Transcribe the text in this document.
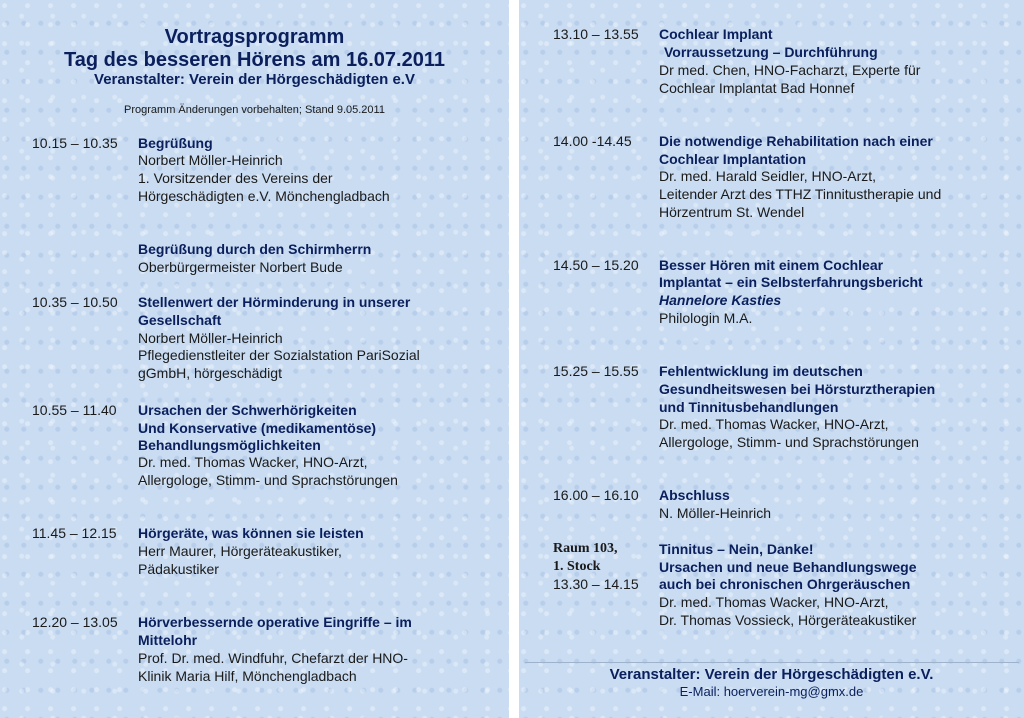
Vortragsprogramm
Tag des besseren Hörens am 16.07.2011
Veranstalter: Verein der Hörgeschädigten e.V
Programm Änderungen vorbehalten; Stand 9.05.2011
10.15 – 10.35 Begrüßung
Norbert Möller-Heinrich
1. Vorsitzender des Vereins der
Hörgeschädigten e.V. Mönchengladbach
Begrüßung durch den Schirmherrn
Oberbürgermeister Norbert Bude
10.35 – 10.50 Stellenwert der Hörminderung in unserer
Gesellschaft
Norbert Möller-Heinrich
Pflegedienstleiter der Sozialstation PariSozial
gGmbH, hörgeschädigt
10.55 – 11.40 Ursachen der Schwerhörigkeiten
Und Konservative (medikamentöse)
Behandlungsmöglichkeiten
Dr. med. Thomas Wacker, HNO-Arzt,
Allergologe, Stimm- und Sprachstörungen
11.45 – 12.15 Hörgeräte, was können sie leisten
Herr Maurer, Hörgeräteakustiker,
Pädakustiker
12.20 – 13.05 Hörverbessernde operative Eingriffe – im
Mittelohr
Prof. Dr. med. Windfuhr, Chefarzt der HNO-
Klinik Maria Hilf, Mönchengladbach
13.10 – 13.55 Cochlear Implant
Vorraussetzung – Durchführung
Dr med. Chen, HNO-Facharzt, Experte für
Cochlear Implantat Bad Honnef
14.00 -14.45 Die notwendige Rehabilitation nach einer
Cochlear Implantation
Dr. med. Harald Seidler, HNO-Arzt,
Leitender Arzt des TTHZ Tinnitustherapie und
Hörzentrum St. Wendel
14.50 – 15.20 Besser Hören mit einem Cochlear
Implantat – ein Selbsterfahrungsbericht
Hannelore Kasties
Philologin M.A.
15.25 – 15.55 Fehlentwicklung im deutschen
Gesundheitswesen bei Hörsturztherapien
und Tinnitusbehandlungen
Dr. med. Thomas Wacker, HNO-Arzt,
Allergologe, Stimm- und Sprachstörungen
16.00 – 16.10 Abschluss
N. Möller-Heinrich
Raum 103,
1. Stock
13.30 – 14.15
Tinnitus – Nein, Danke!
Ursachen und neue Behandlungswege
auch bei chronischen Ohrgeräuschen
Dr. med. Thomas Wacker, HNO-Arzt,
Dr. Thomas Vossieck, Hörgeräteakustiker
Veranstalter: Verein der Hörgeschädigten e.V.
E-Mail: hoerverein-mg@gmx.de
